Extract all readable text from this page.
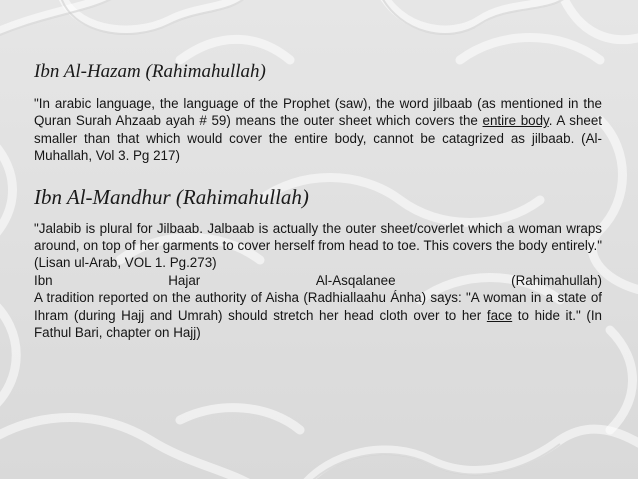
Ibn Al-Hazam (Rahimahullah)

"In arabic language, the language of the Prophet (saw), the word jilbaab (as mentioned in the Quran Surah Ahzaab ayah # 59) means the outer sheet which covers the entire body. A sheet smaller than that which would cover the entire body, cannot be catagrized as jilbaab. (Al-Muhallah, Vol 3. Pg 217)

Ibn Al-Mandhur (Rahimahullah)

"Jalabib is plural for Jilbaab. Jalbaab is actually the outer sheet/coverlet which a woman wraps around, on top of her garments to cover herself from head to toe. This covers the body entirely." (Lisan ul-Arab, VOL 1. Pg.273)

Ibn	Hajar	Al-Asqalanee	(Rahimahullah)

A tradition reported on the authority of Aisha (Radhiallaahu Ánha) says: "A woman in a state of Ihram (during Hajj and Umrah) should stretch her head cloth over to her face to hide it." (In Fathul Bari, chapter on Hajj)
